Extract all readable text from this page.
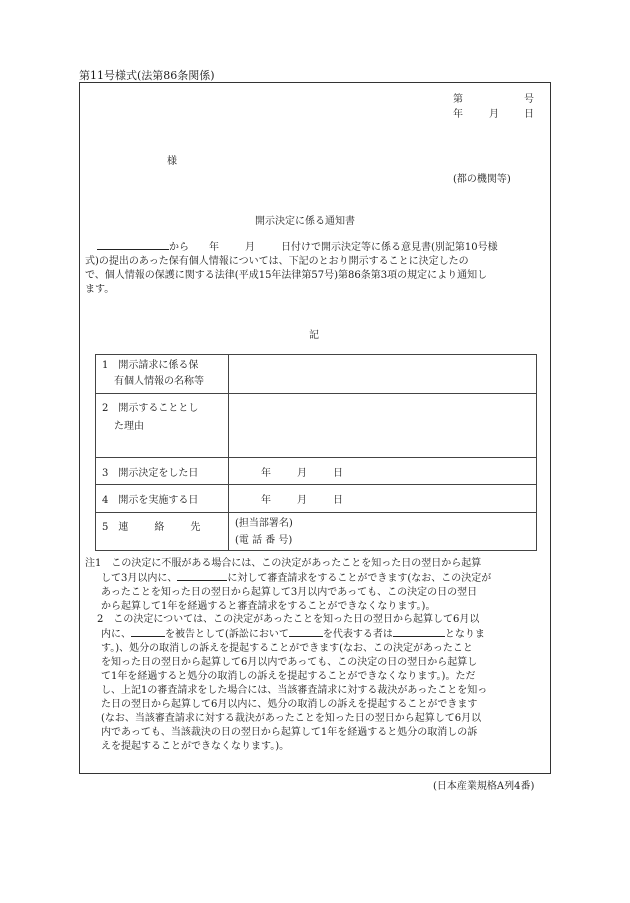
第11号様式(法第86条関係)
第	号
年	月	日
様
(都の機関等)
開示決定に係る通知書
から 年	月	日付けで開示決定等に係る意見書(別記第10号様
式)の提出のあった保有個人情報については、下記のとおり開示することに決定したの
で、個人情報の保護に関する法律(平成15年法律第57号)第86条第3項の規定により通知し
ます。
記
1　開示請求に係る保
有個人情報の名称等	

2　開示することとし
た理由	

3　開示決定をした日	年 月 日
4　開示を実施する日	年 月 日
5　連 絡 先	(担当部署名)
(電 話 番 号)
注1　この決定に不服がある場合には、この決定があったことを知った日の翌日から起算
して3月以内に、	に対して審査請求をすることができます(なお、この決定が
あったことを知った日の翌日から起算して3月以内であっても、この決定の日の翌日
から起算して1年を経過すると審査請求をすることができなくなります。)。
2　この決定については、この決定があったことを知った日の翌日から起算して6月以
内に、	を被告として(訴訟において	を代表する者は	となりま
す。)、処分の取消しの訴えを提起することができます(なお、この決定があったこと
を知った日の翌日から起算して6月以内であっても、この決定の日の翌日から起算し
て1年を経過すると処分の取消しの訴えを提起することができなくなります。)。ただ
し、上記1の審査請求をした場合には、当該審査請求に対する裁決があったことを知っ
た日の翌日から起算して6月以内に、処分の取消しの訴えを提起することができます
(なお、当該審査請求に対する裁決があったことを知った日の翌日から起算して6月以
内であっても、当該裁決の日の翌日から起算して1年を経過すると処分の取消しの訴
えを提起することができなくなります。)。
(日本産業規格A列4番)
